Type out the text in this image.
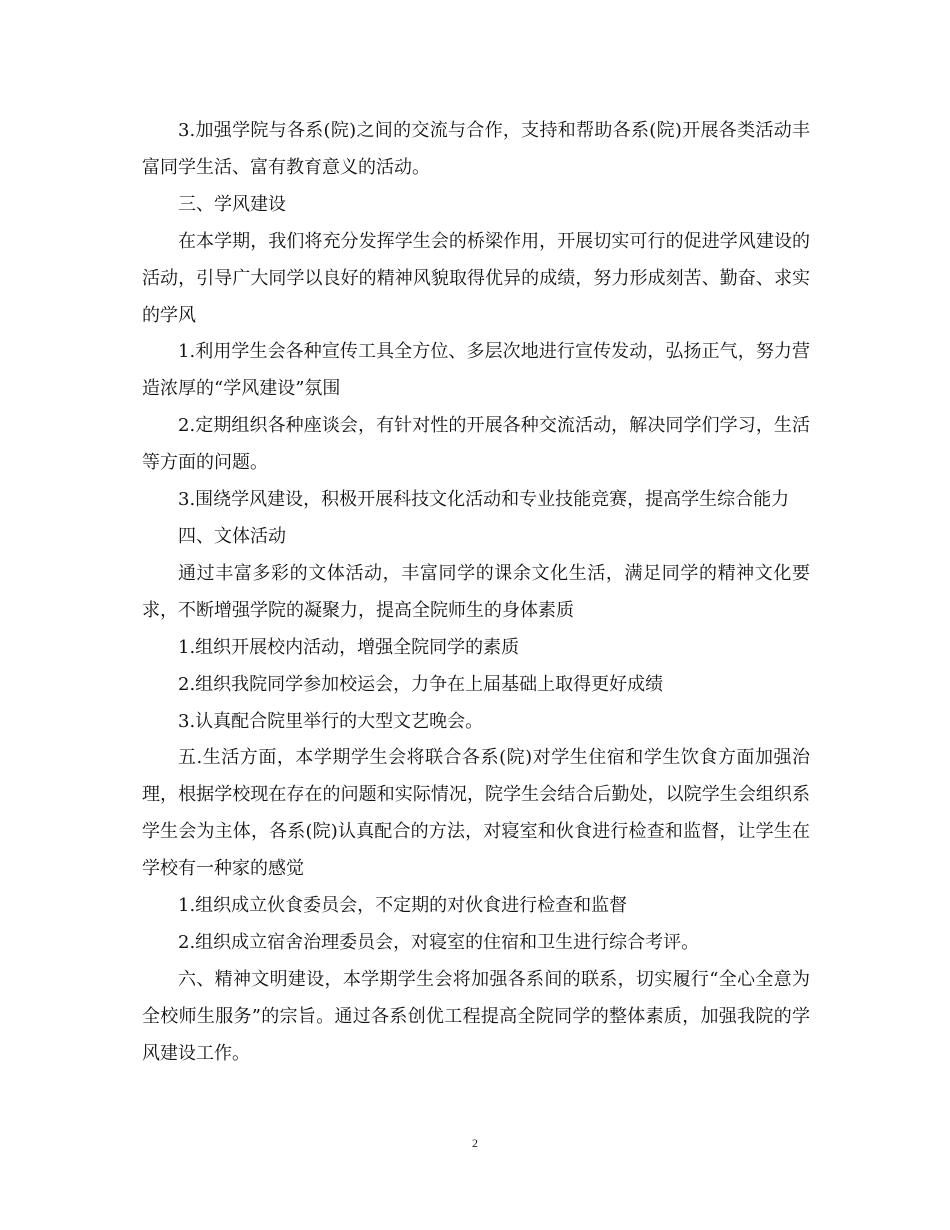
3.加强学院与各系(院)之间的交流与合作，支持和帮助各系(院)开展各类活动丰富同学生活、富有教育意义的活动。

三、学风建设

在本学期，我们将充分发挥学生会的桥梁作用，开展切实可行的促进学风建设的活动，引导广大同学以良好的精神风貌取得优异的成绩，努力形成刻苦、勤奋、求实的学风

1.利用学生会各种宣传工具全方位、多层次地进行宣传发动，弘扬正气，努力营造浓厚的“学风建设”氛围

2.定期组织各种座谈会，有针对性的开展各种交流活动，解决同学们学习，生活等方面的问题。

3.围绕学风建设，积极开展科技文化活动和专业技能竞赛，提高学生综合能力

四、文体活动

通过丰富多彩的文体活动，丰富同学的课余文化生活，满足同学的精神文化要求，不断增强学院的凝聚力，提高全院师生的身体素质

1.组织开展校内活动，增强全院同学的素质

2.组织我院同学参加校运会，力争在上届基础上取得更好成绩

3.认真配合院里举行的大型文艺晚会。

五.生活方面，本学期学生会将联合各系(院)对学生住宿和学生饮食方面加强治理，根据学校现在存在的问题和实际情况，院学生会结合后勤处，以院学生会组织系学生会为主体，各系(院)认真配合的方法，对寝室和伙食进行检查和监督，让学生在学校有一种家的感觉

1.组织成立伙食委员会，不定期的对伙食进行检查和监督

2.组织成立宿舍治理委员会，对寝室的住宿和卫生进行综合考评。

六、精神文明建设，本学期学生会将加强各系间的联系，切实履行“全心全意为全校师生服务”的宗旨。通过各系创优工程提高全院同学的整体素质，加强我院的学风建设工作。

2
